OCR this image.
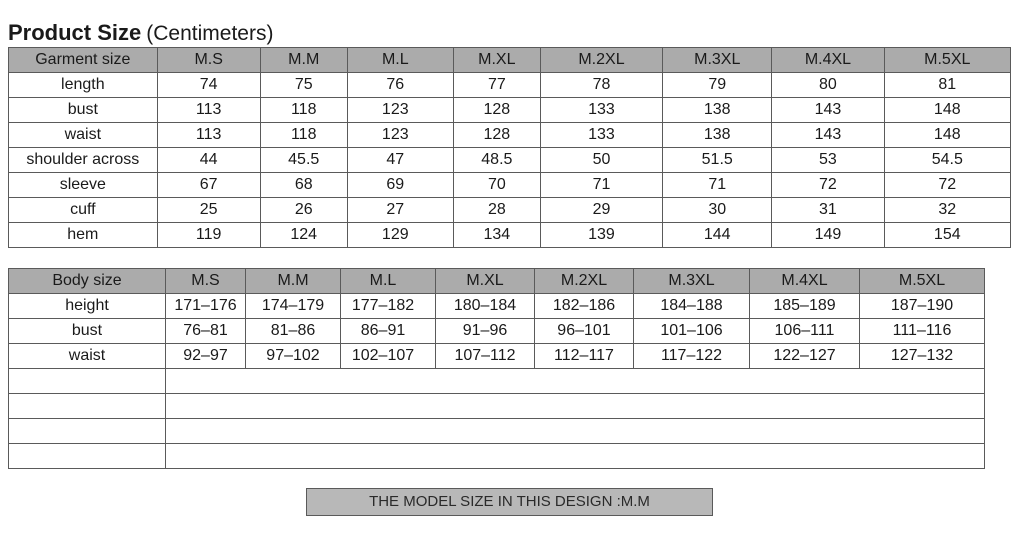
Product Size (Centimeters)
Garment size	M.S	M.M	M.L	M.XL	M.2XL	M.3XL	M.4XL	M.5XL
length	74	75	76	77	78	79	80	81
bust	113	118	123	128	133	138	143	148
waist	113	118	123	128	133	138	143	148
shoulder across	44	45.5	47	48.5	50	51.5	53	54.5
sleeve	67	68	69	70	71	71	72	72
cuff	25	26	27	28	29	30	31	32
hem	119	124	129	134	139	144	149	154
Body size	M.S	M.M	M.L	M.XL	M.2XL	M.3XL	M.4XL	M.5XL
height	171–176	174–179	177–182	180–184	182–186	184–188	185–189	187–190
bust	76–81	81–86	86–91	91–96	96–101	101–106	106–111	111–116
waist	92–97	97–102	102–107	107–112	112–117	117–122	122–127	127–132

THE MODEL SIZE IN THIS DESIGN :M.M
